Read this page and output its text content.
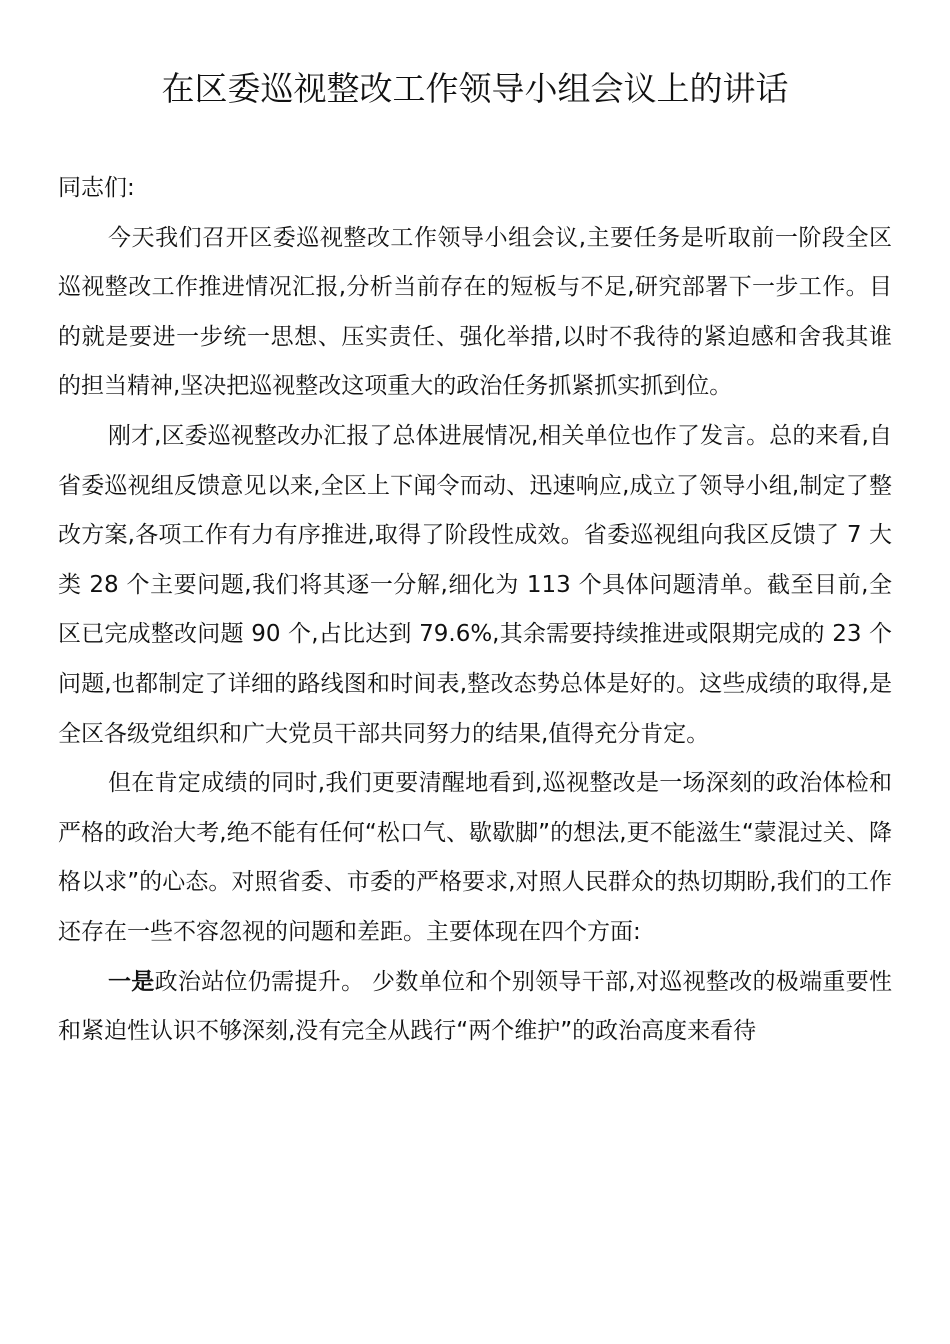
在区委巡视整改工作领导小组会议上的讲话

同志们:

今天我们召开区委巡视整改工作领导小组会议,主要任务是听取前一阶段全区巡视整改工作推进情况汇报,分析当前存在的短板与不足,研究部署下一步工作。目的就是要进一步统一思想、压实责任、强化举措,以时不我待的紧迫感和舍我其谁的担当精神,坚决把巡视整改这项重大的政治任务抓紧抓实抓到位。

刚才,区委巡视整改办汇报了总体进展情况,相关单位也作了发言。总的来看,自省委巡视组反馈意见以来,全区上下闻令而动、迅速响应,成立了领导小组,制定了整改方案,各项工作有力有序推进,取得了阶段性成效。省委巡视组向我区反馈了 7 大类 28 个主要问题,我们将其逐一分解,细化为 113 个具体问题清单。截至目前,全区已完成整改问题 90 个,占比达到 79.6%,其余需要持续推进或限期完成的 23 个问题,也都制定了详细的路线图和时间表,整改态势总体是好的。这些成绩的取得,是全区各级党组织和广大党员干部共同努力的结果,值得充分肯定。

但在肯定成绩的同时,我们更要清醒地看到,巡视整改是一场深刻的政治体检和严格的政治大考,绝不能有任何“松口气、歇歇脚”的想法,更不能滋生“蒙混过关、降格以求”的心态。对照省委、市委的严格要求,对照人民群众的热切期盼,我们的工作还存在一些不容忽视的问题和差距。主要体现在四个方面:

一是政治站位仍需提升。 少数单位和个别领导干部,对巡视整改的极端重要性和紧迫性认识不够深刻,没有完全从践行“两个维护”的政治高度来看待
